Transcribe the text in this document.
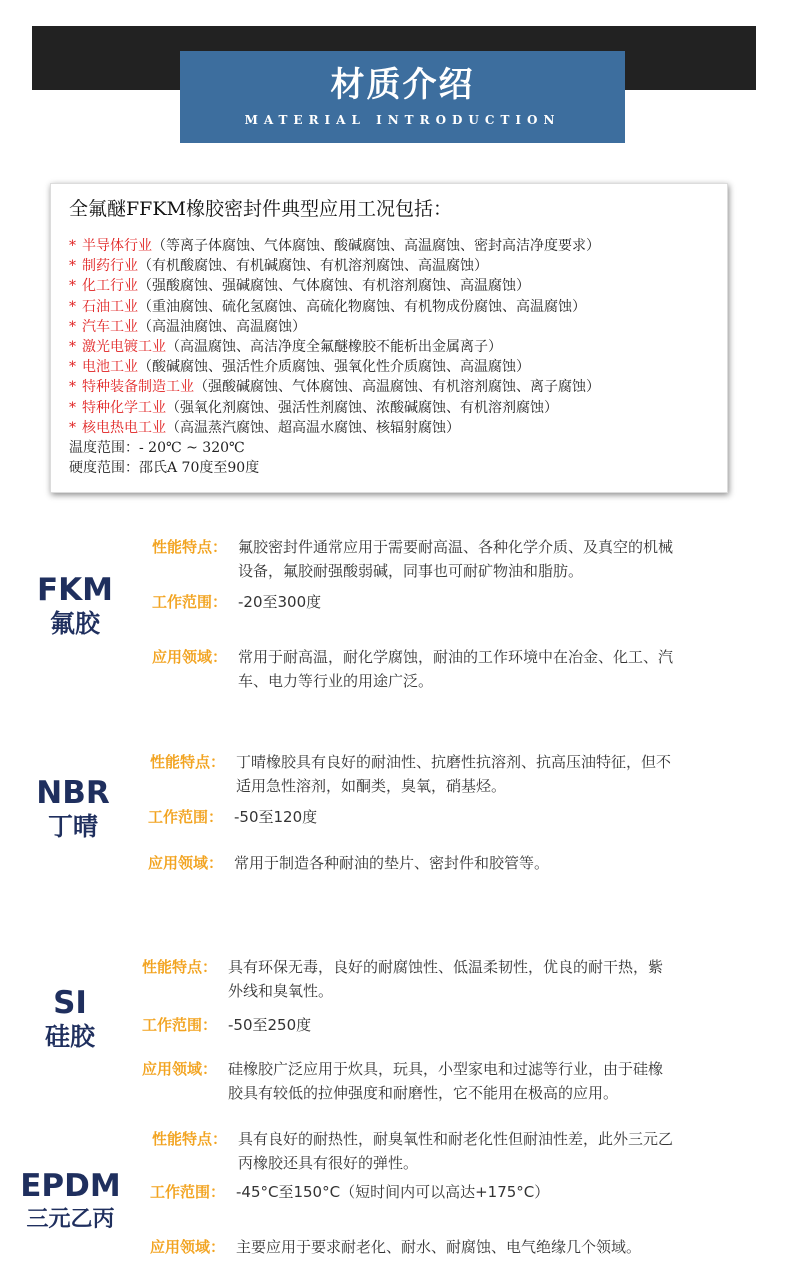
材质介绍
MATERIAL INTRODUCTION
全氟醚FFKM橡胶密封件典型应用工况包括：
* 半导体行业（等离子体腐蚀、气体腐蚀、酸碱腐蚀、高温腐蚀、密封高洁净度要求）
* 制药行业（有机酸腐蚀、有机碱腐蚀、有机溶剂腐蚀、高温腐蚀）
* 化工行业（强酸腐蚀、强碱腐蚀、气体腐蚀、有机溶剂腐蚀、高温腐蚀）
* 石油工业（重油腐蚀、硫化氢腐蚀、高硫化物腐蚀、有机物成份腐蚀、高温腐蚀）
* 汽车工业（高温油腐蚀、高温腐蚀）
* 激光电镀工业（高温腐蚀、高洁净度全氟醚橡胶不能析出金属离子）
* 电池工业（酸碱腐蚀、强活性介质腐蚀、强氧化性介质腐蚀、高温腐蚀）
* 特种装备制造工业（强酸碱腐蚀、气体腐蚀、高温腐蚀、有机溶剂腐蚀、离子腐蚀）
* 特种化学工业（强氧化剂腐蚀、强活性剂腐蚀、浓酸碱腐蚀、有机溶剂腐蚀）
* 核电热电工业（高温蒸汽腐蚀、超高温水腐蚀、核辐射腐蚀）
温度范围：- 20℃ ~ 320℃
硬度范围：邵氏A 70度至90度
FKM
氟胶
性能特点： 氟胶密封件通常应用于需要耐高温、各种化学介质、及真空的机械
设备，氟胶耐强酸弱碱，同事也可耐矿物油和脂肪。
工作范围： -20至300度
应用领域： 常用于耐高温，耐化学腐蚀，耐油的工作环境中在冶金、化工、汽
车、电力等行业的用途广泛。
NBR
丁晴
性能特点： 丁晴橡胶具有良好的耐油性、抗磨性抗溶剂、抗高压油特征，但不
适用急性溶剂，如酮类，臭氧，硝基烃。
工作范围： -50至120度
应用领域： 常用于制造各种耐油的垫片、密封件和胶管等。
SI
硅胶
性能特点： 具有环保无毒，良好的耐腐蚀性、低温柔韧性，优良的耐干热，紫
外线和臭氧性。
工作范围： -50至250度
应用领域： 硅橡胶广泛应用于炊具，玩具，小型家电和过滤等行业，由于硅橡
胶具有较低的拉伸强度和耐磨性，它不能用在极高的应用。
EPDM
三元乙丙
性能特点： 具有良好的耐热性，耐臭氧性和耐老化性但耐油性差，此外三元乙
丙橡胶还具有很好的弹性。
工作范围： -45°C至150°C（短时间内可以高达+175°C）
应用领域： 主要应用于要求耐老化、耐水、耐腐蚀、电气绝缘几个领域。
